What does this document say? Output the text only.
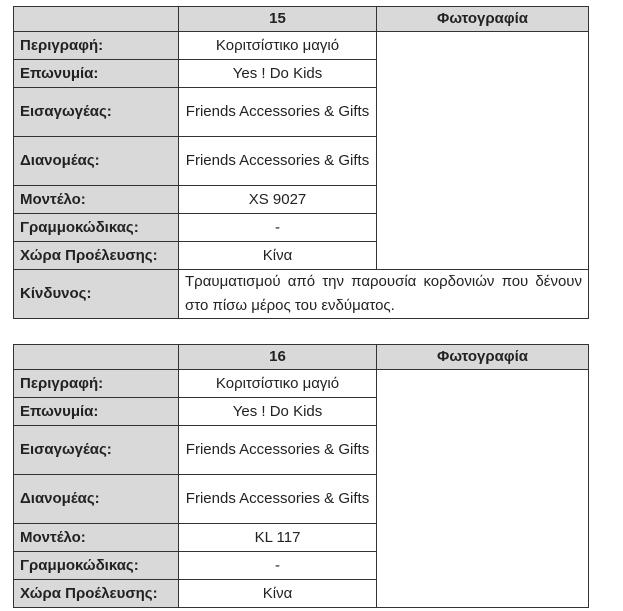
	15	Φωτογραφία
Περιγραφή:	Κοριτσίστικο μαγιό	
Επωνυμία:	Yes ! Do Kids	
Εισαγωγέας:	Friends Accessories & Gifts	
Διανομέας:	Friends Accessories & Gifts	
Μοντέλο:	XS 9027	
Γραμμοκώδικας:	-	
Χώρα Προέλευσης:	Κίνα	
Κίνδυνος:	Τραυματισμού από την παρουσία κορδονιών που δένουν στο πίσω μέρος του ενδύματος.	
	16	Φωτογραφία
Περιγραφή:	Κοριτσίστικο μαγιό	
Επωνυμία:	Yes ! Do Kids	
Εισαγωγέας:	Friends Accessories & Gifts	
Διανομέας:	Friends Accessories & Gifts	
Μοντέλο:	KL 117	
Γραμμοκώδικας:	-	
Χώρα Προέλευσης:	Κίνα	
